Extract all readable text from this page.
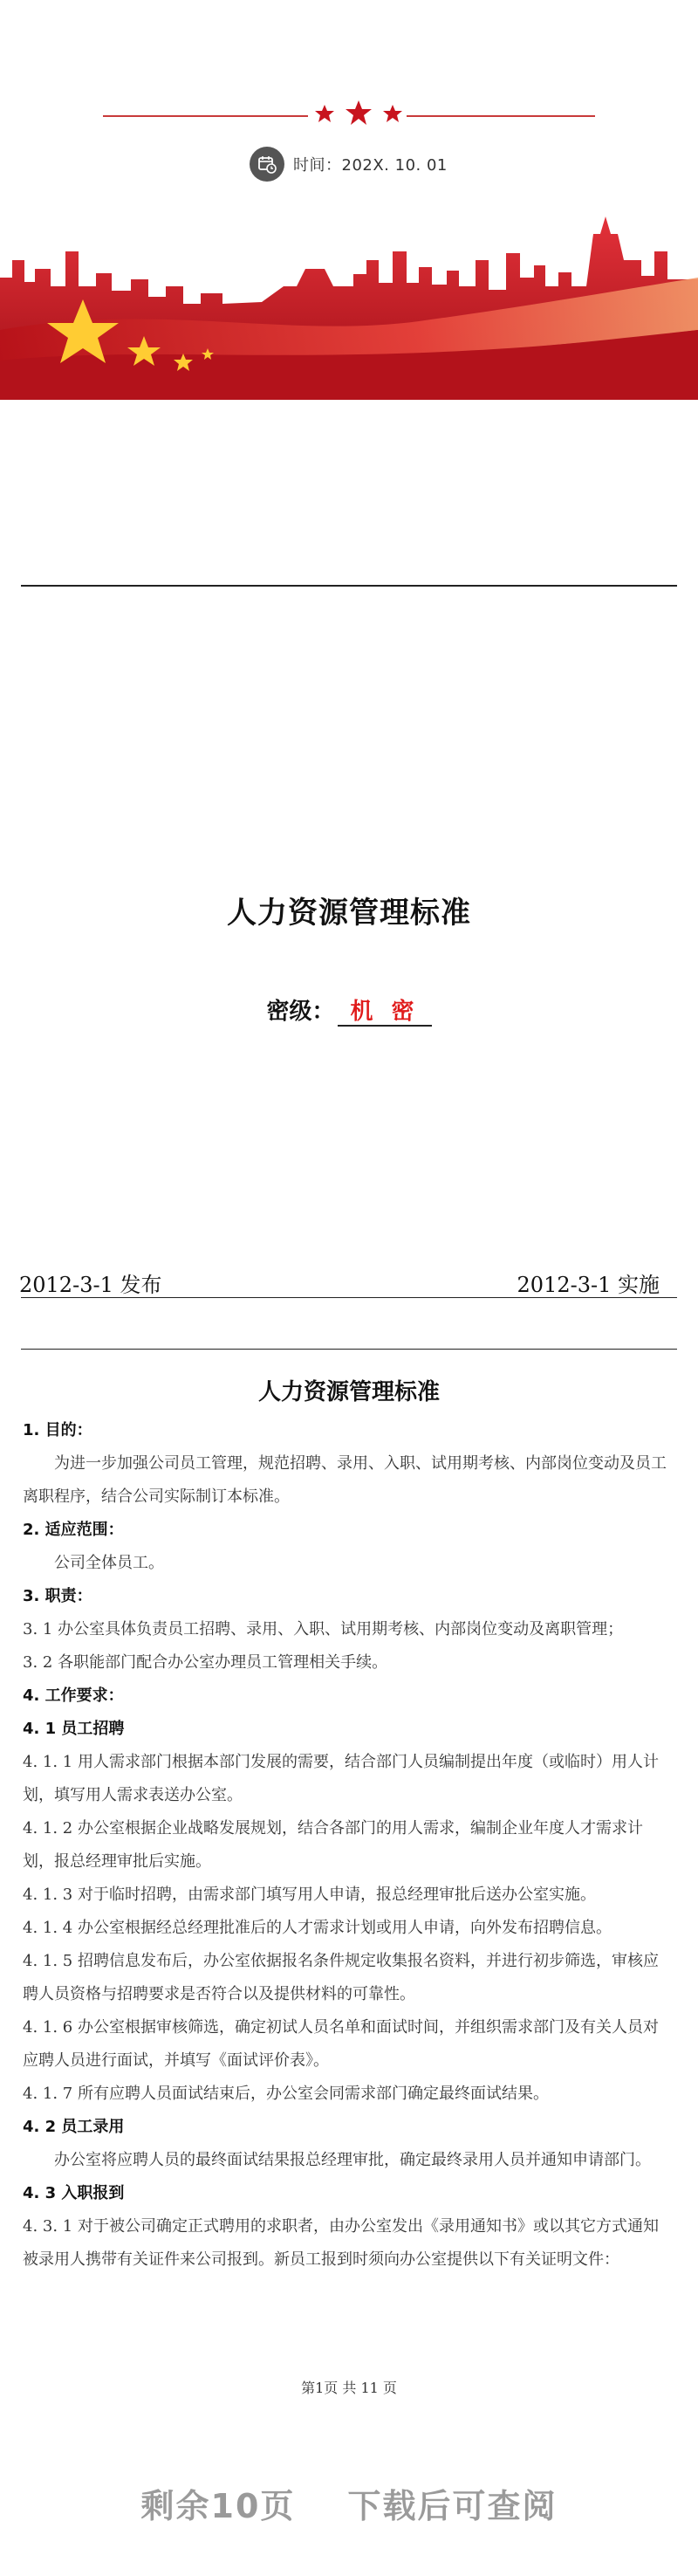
时间：202X. 10. 01
人力资源管理标准
密级： 机 密
2012-3-1 发布	2012-3-1 实施
人力资源管理标准

1. 目的：

为进一步加强公司员工管理，规范招聘、录用、入职、试用期考核、内部岗位变动及员工离职程序，结合公司实际制订本标准。

2. 适应范围：

公司全体员工。

3. 职责：

3. 1 办公室具体负责员工招聘、录用、入职、试用期考核、内部岗位变动及离职管理；

3. 2 各职能部门配合办公室办理员工管理相关手续。

4. 工作要求：

4. 1 员工招聘

4. 1. 1 用人需求部门根据本部门发展的需要，结合部门人员编制提出年度（或临时）用人计划，填写用人需求表送办公室。

4. 1. 2 办公室根据企业战略发展规划，结合各部门的用人需求，编制企业年度人才需求计划，报总经理审批后实施。

4. 1. 3 对于临时招聘，由需求部门填写用人申请，报总经理审批后送办公室实施。

4. 1. 4 办公室根据经总经理批准后的人才需求计划或用人申请，向外发布招聘信息。

4. 1. 5 招聘信息发布后，办公室依据报名条件规定收集报名资料，并进行初步筛选，审核应聘人员资格与招聘要求是否符合以及提供材料的可靠性。

4. 1. 6 办公室根据审核筛选，确定初试人员名单和面试时间，并组织需求部门及有关人员对应聘人员进行面试，并填写《面试评价表》。

4. 1. 7 所有应聘人员面试结束后，办公室会同需求部门确定最终面试结果。

4. 2 员工录用

办公室将应聘人员的最终面试结果报总经理审批，确定最终录用人员并通知申请部门。

4. 3 入职报到

4. 3. 1 对于被公司确定正式聘用的求职者，由办公室发出《录用通知书》或以其它方式通知被录用人携带有关证件来公司报到。新员工报到时须向办公室提供以下有关证明文件：

第1页 共 11 页
剩余10页 下载后可查阅
